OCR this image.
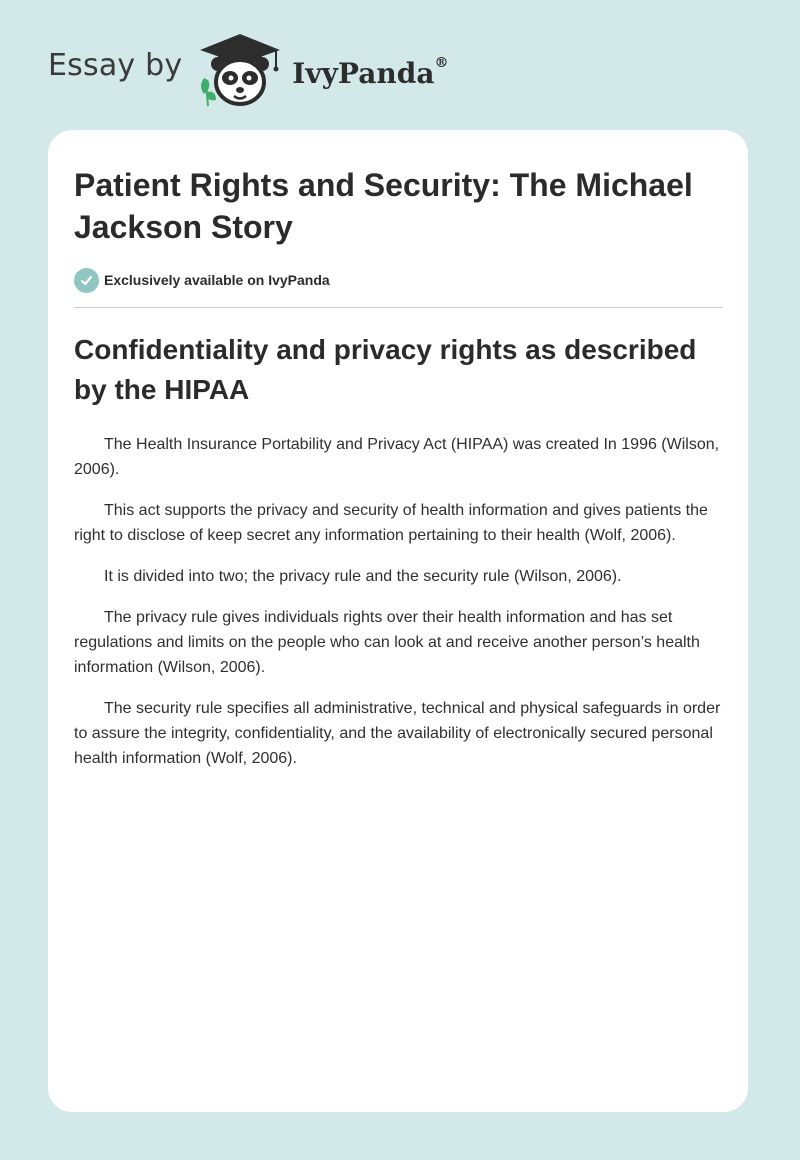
Essay by	IvyPanda®
Patient Rights and Security: The Michael Jackson Story
Exclusively available on IvyPanda
Confidentiality and privacy rights as described by the HIPAA

The Health Insurance Portability and Privacy Act (HIPAA) was created In 1996 (Wilson, 2006).

This act supports the privacy and security of health information and gives patients the right to disclose of keep secret any information pertaining to their health (Wolf, 2006).

It is divided into two; the privacy rule and the security rule (Wilson, 2006).

The privacy rule gives individuals rights over their health information and has set regulations and limits on the people who can look at and receive another person’s health information (Wilson, 2006).

The security rule specifies all administrative, technical and physical safeguards in order to assure the integrity, confidentiality, and the availability of electronically secured personal health information (Wolf, 2006).
